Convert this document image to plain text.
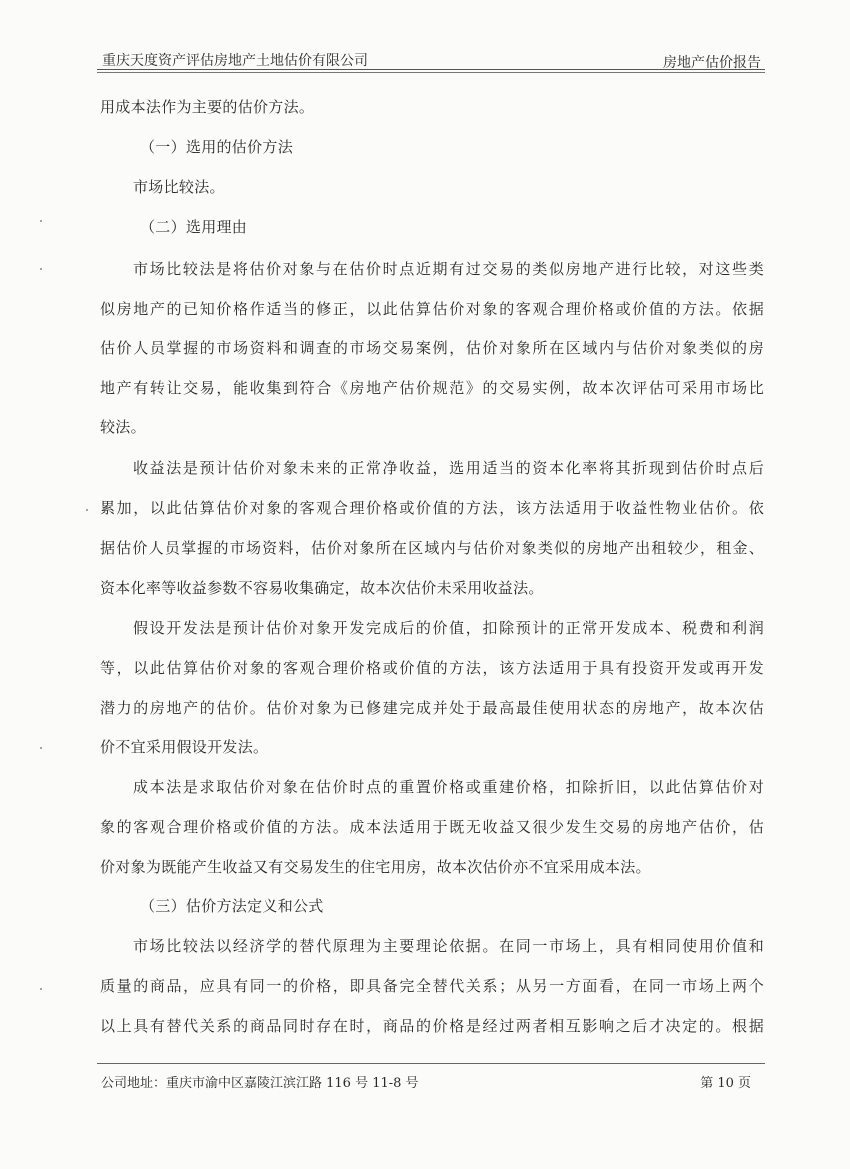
重庆天度资产评估房地产土地估价有限公司	房地产估价报告
用成本法作为主要的估价方法。
（一）选用的估价方法
市场比较法。
（二）选用理由
市场比较法是将估价对象与在估价时点近期有过交易的类似房地产进行比较，对这些类
似房地产的已知价格作适当的修正，以此估算估价对象的客观合理价格或价值的方法。依据
估价人员掌握的市场资料和调查的市场交易案例，估价对象所在区域内与估价对象类似的房
地产有转让交易，能收集到符合《房地产估价规范》的交易实例，故本次评估可采用市场比
较法。
收益法是预计估价对象未来的正常净收益，选用适当的资本化率将其折现到估价时点后
累加，以此估算估价对象的客观合理价格或价值的方法，该方法适用于收益性物业估价。依
据估价人员掌握的市场资料，估价对象所在区域内与估价对象类似的房地产出租较少，租金、
资本化率等收益参数不容易收集确定，故本次估价未采用收益法。
假设开发法是预计估价对象开发完成后的价值，扣除预计的正常开发成本、税费和利润
等，以此估算估价对象的客观合理价格或价值的方法，该方法适用于具有投资开发或再开发
潜力的房地产的估价。估价对象为已修建完成并处于最高最佳使用状态的房地产，故本次估
价不宜采用假设开发法。
成本法是求取估价对象在估价时点的重置价格或重建价格，扣除折旧，以此估算估价对
象的客观合理价格或价值的方法。成本法适用于既无收益又很少发生交易的房地产估价，估
价对象为既能产生收益又有交易发生的住宅用房，故本次估价亦不宜采用成本法。
（三）估价方法定义和公式
市场比较法以经济学的替代原理为主要理论依据。在同一市场上，具有相同使用价值和
质量的商品，应具有同一的价格，即具备完全替代关系；从另一方面看，在同一市场上两个
以上具有替代关系的商品同时存在时，商品的价格是经过两者相互影响之后才决定的。根据
公司地址：重庆市渝中区嘉陵江滨江路 116 号 11-8 号	第 10 页
